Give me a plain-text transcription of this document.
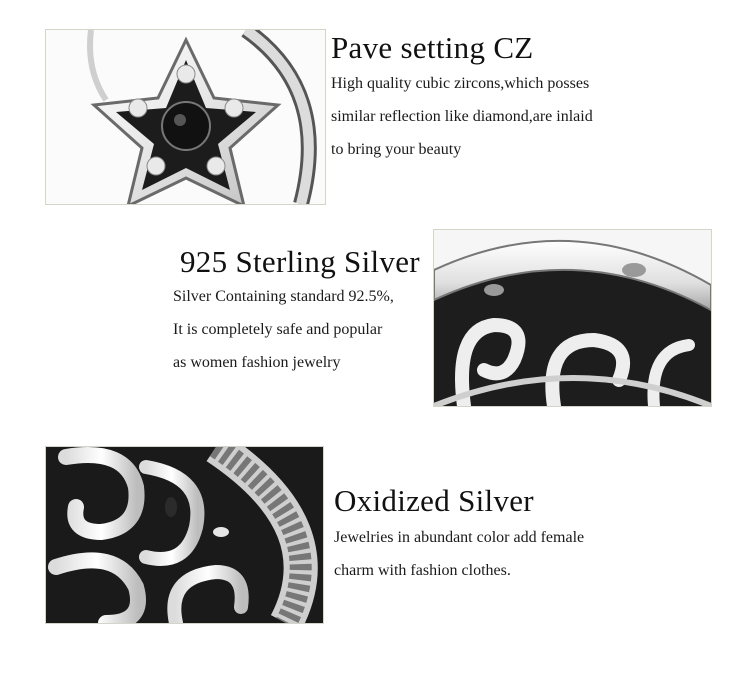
Pave setting CZ
High quality cubic zircons,which posses
similar reflection like diamond,are inlaid
to bring your beauty
925 Sterling Silver
Silver Containing standard 92.5%,
It is completely safe and popular
as women fashion jewelry
Oxidized Silver
Jewelries in abundant color add female
charm with fashion clothes.
